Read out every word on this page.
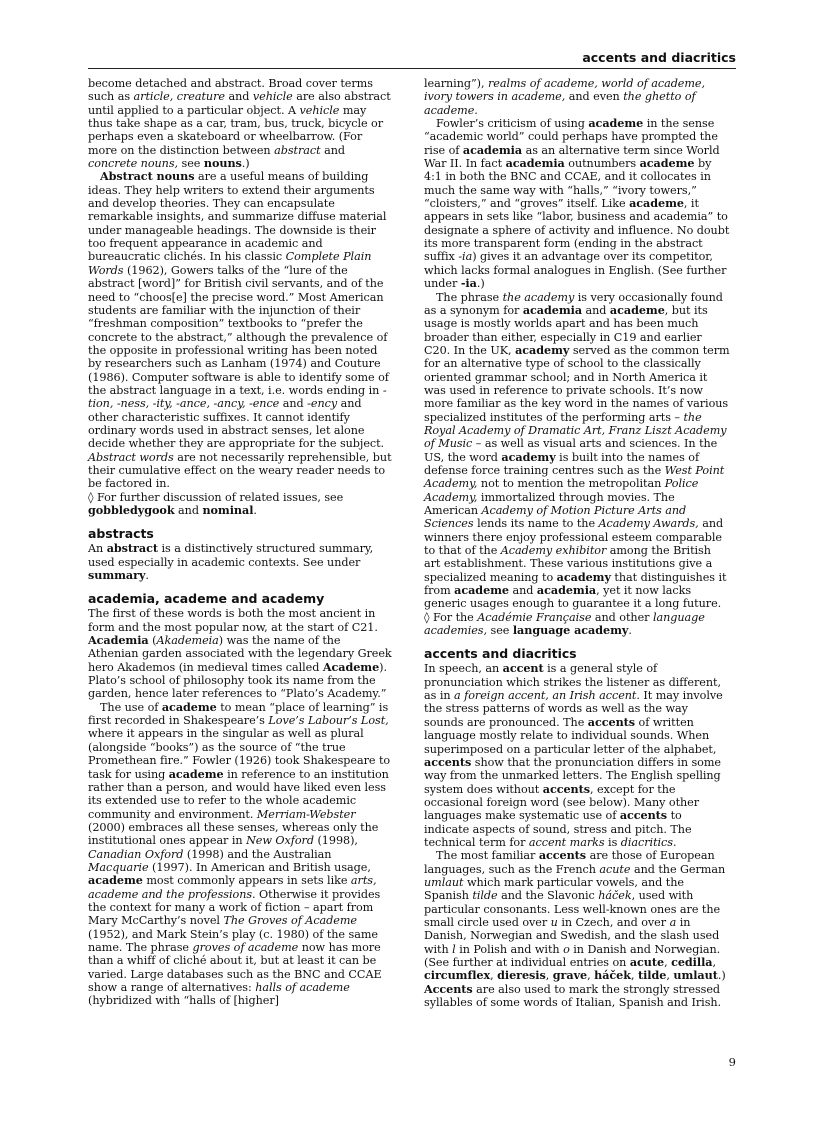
accents and diacritics

become detached and abstract. Broad cover terms such as article, creature and vehicle are also abstract until applied to a particular object. A vehicle may thus take shape as a car, tram, bus, truck, bicycle or perhaps even a skateboard or wheelbarrow. (For more on the distinction between abstract and concrete nouns, see nouns.)

Abstract nouns are a useful means of building ideas. They help writers to extend their arguments and develop theories. They can encapsulate remarkable insights, and summarize diffuse material under manageable headings. The downside is their too frequent appearance in academic and bureaucratic clichés. In his classic Complete Plain Words (1962), Gowers talks of the “lure of the abstract [word]” for British civil servants, and of the need to “choos[e] the precise word.” Most American students are familiar with the injunction of their “freshman composition” textbooks to “prefer the concrete to the abstract,” although the prevalence of the opposite in professional writing has been noted by researchers such as Lanham (1974) and Couture (1986). Computer software is able to identify some of the abstract language in a text, i.e. words ending in -tion, -ness, -ity, -ance, -ancy, -ence and -ency and other characteristic suffixes. It cannot identify ordinary words used in abstract senses, let alone decide whether they are appropriate for the subject. Abstract words are not necessarily reprehensible, but their cumulative effect on the weary reader needs to be factored in.

◊ For further discussion of related issues, see gobbledygook and nominal.

abstracts

An abstract is a distinctively structured summary, used especially in academic contexts. See under summary.

academia, academe and academy

The first of these words is both the most ancient in form and the most popular now, at the start of C21. Academia (Akademeia) was the name of the Athenian garden associated with the legendary Greek hero Akademos (in medieval times called Academe). Plato’s school of philosophy took its name from the garden, hence later references to “Plato’s Academy.”

The use of academe to mean “place of learning” is first recorded in Shakespeare’s Love’s Labour’s Lost, where it appears in the singular as well as plural (alongside “books”) as the source of “the true Promethean fire.” Fowler (1926) took Shakespeare to task for using academe in reference to an institution rather than a person, and would have liked even less its extended use to refer to the whole academic community and environment. Merriam-Webster (2000) embraces all these senses, whereas only the institutional ones appear in New Oxford (1998), Canadian Oxford (1998) and the Australian Macquarie (1997). In American and British usage, academe most commonly appears in sets like arts, academe and the professions. Otherwise it provides the context for many a work of fiction – apart from Mary McCarthy’s novel The Groves of Academe (1952), and Mark Stein’s play (c. 1980) of the same name. The phrase groves of academe now has more than a whiff of cliché about it, but at least it can be varied. Large databases such as the BNC and CCAE show a range of alternatives: halls of academe (hybridized with “halls of [higher]

learning”), realms of academe, world of academe, ivory towers in academe, and even the ghetto of academe.

Fowler’s criticism of using academe in the sense “academic world” could perhaps have prompted the rise of academia as an alternative term since World War II. In fact academia outnumbers academe by 4:1 in both the BNC and CCAE, and it collocates in much the same way with “halls,” “ivory towers,” “cloisters,” and “groves” itself. Like academe, it appears in sets like “labor, business and academia” to designate a sphere of activity and influence. No doubt its more transparent form (ending in the abstract suffix -ia) gives it an advantage over its competitor, which lacks formal analogues in English. (See further under -ia.)

The phrase the academy is very occasionally found as a synonym for academia and academe, but its usage is mostly worlds apart and has been much broader than either, especially in C19 and earlier C20. In the UK, academy served as the common term for an alternative type of school to the classically oriented grammar school; and in North America it was used in reference to private schools. It’s now more familiar as the key word in the names of various specialized institutes of the performing arts – the Royal Academy of Dramatic Art, Franz Liszt Academy of Music – as well as visual arts and sciences. In the US, the word academy is built into the names of defense force training centres such as the West Point Academy, not to mention the metropolitan Police Academy, immortalized through movies. The American Academy of Motion Picture Arts and Sciences lends its name to the Academy Awards, and winners there enjoy professional esteem comparable to that of the Academy exhibitor among the British art establishment. These various institutions give a specialized meaning to academy that distinguishes it from academe and academia, yet it now lacks generic usages enough to guarantee it a long future.

◊ For the Académie Française and other language academies, see language academy.

accents and diacritics

In speech, an accent is a general style of pronunciation which strikes the listener as different, as in a foreign accent, an Irish accent. It may involve the stress patterns of words as well as the way sounds are pronounced. The accents of written language mostly relate to individual sounds. When superimposed on a particular letter of the alphabet, accents show that the pronunciation differs in some way from the unmarked letters. The English spelling system does without accents, except for the occasional foreign word (see below). Many other languages make systematic use of accents to indicate aspects of sound, stress and pitch. The technical term for accent marks is diacritics.

The most familiar accents are those of European languages, such as the French acute and the German umlaut which mark particular vowels, and the Spanish tilde and the Slavonic háček, used with particular consonants. Less well-known ones are the small circle used over u in Czech, and over a in Danish, Norwegian and Swedish, and the slash used with l in Polish and with o in Danish and Norwegian. (See further at individual entries on acute, cedilla, circumflex, dieresis, grave, háček, tilde, umlaut.) Accents are also used to mark the strongly stressed syllables of some words of Italian, Spanish and Irish.

9
